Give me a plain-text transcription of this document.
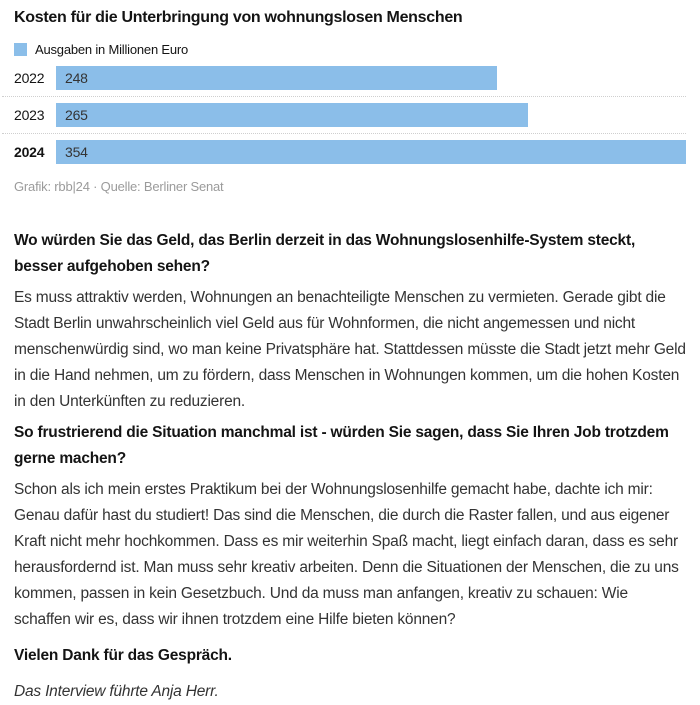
Kosten für die Unterbringung von wohnungslosen Menschen
Ausgaben in Millionen Euro
2022	248
2023	265
2024	354
Grafik: rbb|24 · Quelle: Berliner Senat

Wo würden Sie das Geld, das Berlin derzeit in das Wohnungslosenhilfe-System steckt, besser aufgehoben sehen?

Es muss attraktiv werden, Wohnungen an benachteiligte Menschen zu vermieten. Gerade gibt die Stadt Berlin unwahrscheinlich viel Geld aus für Wohnformen, die nicht angemessen und nicht menschenwürdig sind, wo man keine Privatsphäre hat. Stattdessen müsste die Stadt jetzt mehr Geld in die Hand nehmen, um zu fördern, dass Menschen in Wohnungen kommen, um die hohen Kosten in den Unterkünften zu reduzieren.

So frustrierend die Situation manchmal ist - würden Sie sagen, dass Sie Ihren Job trotzdem gerne machen?

Schon als ich mein erstes Praktikum bei der Wohnungslosenhilfe gemacht habe, dachte ich mir: Genau dafür hast du studiert! Das sind die Menschen, die durch die Raster fallen, und aus eigener Kraft nicht mehr hochkommen. Dass es mir weiterhin Spaß macht, liegt einfach daran, dass es sehr herausfordernd ist. Man muss sehr kreativ arbeiten. Denn die Situationen der Menschen, die zu uns kommen, passen in kein Gesetzbuch. Und da muss man anfangen, kreativ zu schauen: Wie schaffen wir es, dass wir ihnen trotzdem eine Hilfe bieten können?

Vielen Dank für das Gespräch.

Das Interview führte Anja Herr.
